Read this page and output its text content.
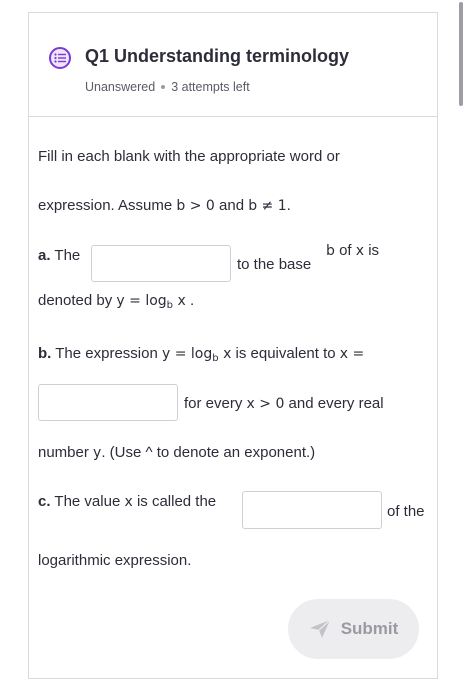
Q1 Understanding terminology
Unanswered 3 attempts left
Fill in each blank with the appropriate word or
expression. Assume b > 0 and b ≠ 1.
a. The
to the base
b of x is
denoted by $y = \log_b x$ .
b. The expression $y = \log_b x$ is equivalent to x =
for every x > 0 and every real
number y. (Use ^ to denote an exponent.)
c. The value x is called the
of the
logarithmic expression.
Submit
